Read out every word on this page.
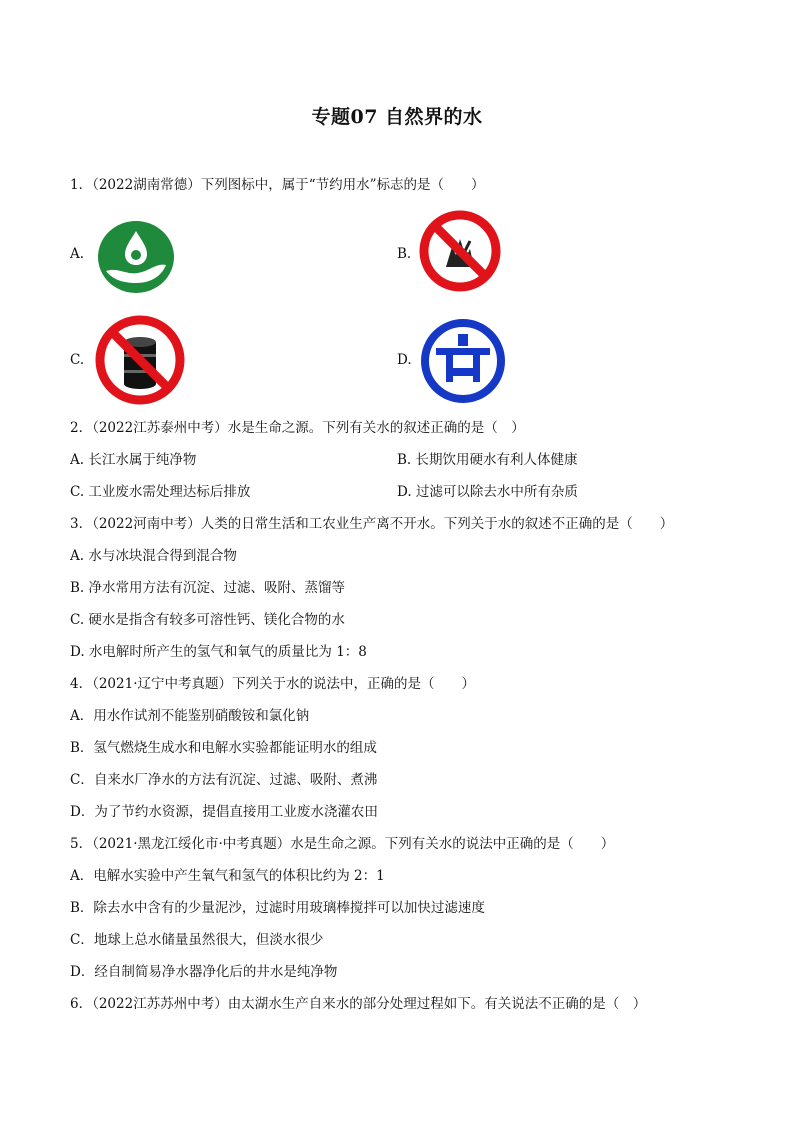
专题07 自然界的水
1．（2022湖南常德）下列图标中，属于“节约用水”标志的是（　　）
A.	B.
C.	D.
2．（2022江苏泰州中考）水是生命之源。下列有关水的叙述正确的是（　）
A. 长江水属于纯净物	B. 长期饮用硬水有利人体健康
C. 工业废水需处理达标后排放	D. 过滤可以除去水中所有杂质
3．（2022河南中考）人类的日常生活和工农业生产离不开水。下列关于水的叙述不正确的是（　　）
A. 水与冰块混合得到混合物
B. 净水常用方法有沉淀、过滤、吸附、蒸馏等
C. 硬水是指含有较多可溶性钙、镁化合物的水
D. 水电解时所产生的氢气和氧气的质量比为 1：8
4．（2021·辽宁中考真题）下列关于水的说法中，正确的是（　　）
A．用水作试剂不能鉴别硝酸铵和氯化钠
B．氢气燃烧生成水和电解水实验都能证明水的组成
C．自来水厂净水的方法有沉淀、过滤、吸附、煮沸
D．为了节约水资源，提倡直接用工业废水浇灌农田
5．（2021·黑龙江绥化市·中考真题）水是生命之源。下列有关水的说法中正确的是（　　）
A．电解水实验中产生氧气和氢气的体积比约为 2：1
B．除去水中含有的少量泥沙，过滤时用玻璃棒搅拌可以加快过滤速度
C．地球上总水储量虽然很大，但淡水很少
D．经自制简易净水器净化后的井水是纯净物
6．（2022江苏苏州中考）由太湖水生产自来水的部分处理过程如下。有关说法不正确的是（　）
